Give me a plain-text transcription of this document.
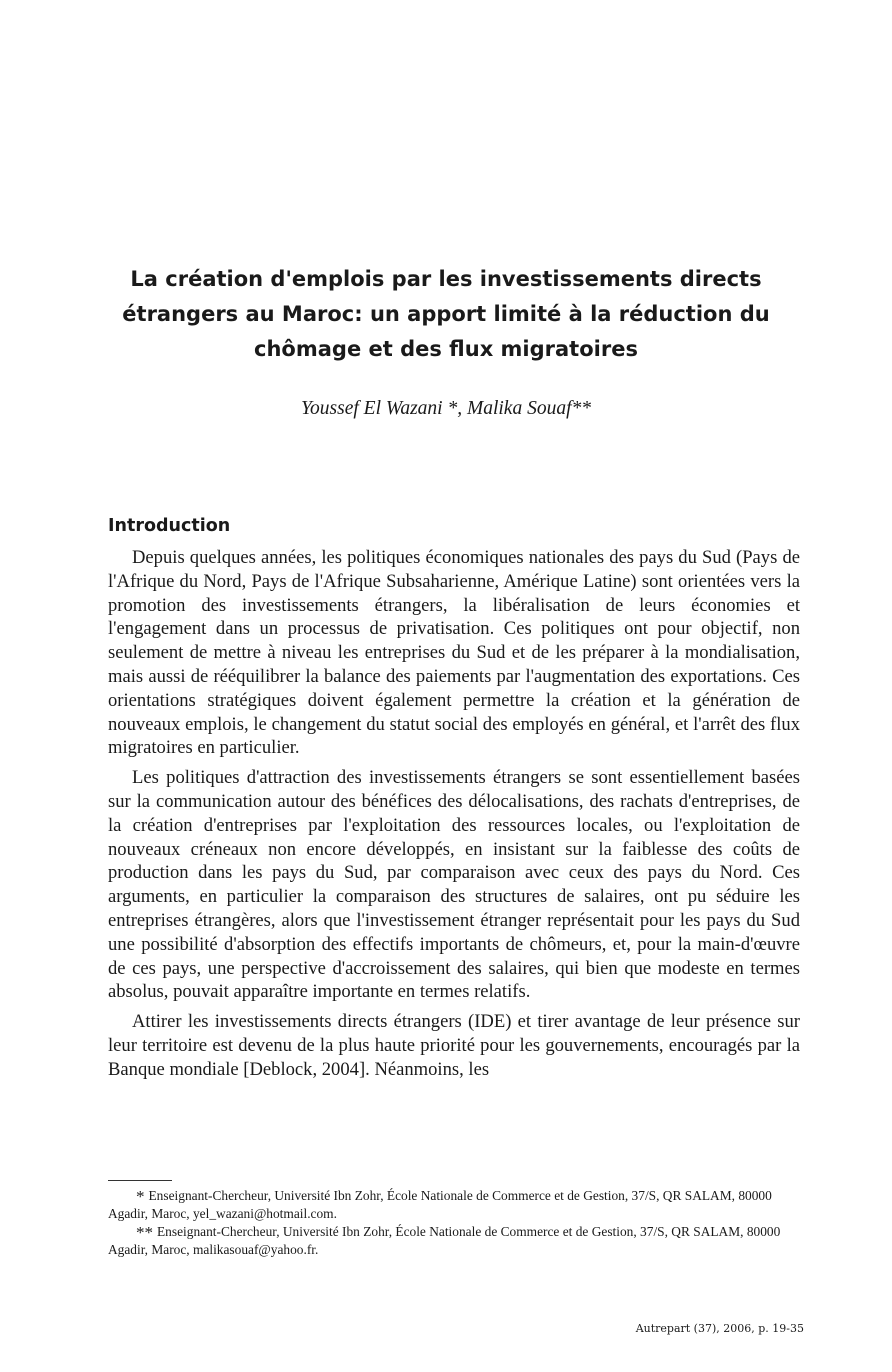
La création d'emplois par les investissements directs étrangers au Maroc: un apport limité à la réduction du chômage et des flux migratoires
Youssef El Wazani *, Malika Souaf**
Introduction

Depuis quelques années, les politiques économiques nationales des pays du Sud (Pays de l'Afrique du Nord, Pays de l'Afrique Subsaharienne, Amérique Latine) sont orientées vers la promotion des investissements étrangers, la libéralisation de leurs économies et l'engagement dans un processus de privatisation. Ces politiques ont pour objectif, non seulement de mettre à niveau les entreprises du Sud et de les préparer à la mondialisation, mais aussi de rééquilibrer la balance des paiements par l'augmentation des exportations. Ces orientations stratégiques doivent également permettre la création et la génération de nouveaux emplois, le changement du statut social des employés en général, et l'arrêt des flux migratoires en particulier.

Les politiques d'attraction des investissements étrangers se sont essentiellement basées sur la communication autour des bénéfices des délocalisations, des rachats d'entreprises, de la création d'entreprises par l'exploitation des ressources locales, ou l'exploitation de nouveaux créneaux non encore développés, en insistant sur la faiblesse des coûts de production dans les pays du Sud, par comparaison avec ceux des pays du Nord. Ces arguments, en particulier la comparaison des structures de salaires, ont pu séduire les entreprises étrangères, alors que l'investissement étranger représentait pour les pays du Sud une possibilité d'absorption des effectifs importants de chômeurs, et, pour la main-d'œuvre de ces pays, une perspective d'accroissement des salaires, qui bien que modeste en termes absolus, pouvait apparaître importante en termes relatifs.

Attirer les investissements directs étrangers (IDE) et tirer avantage de leur présence sur leur territoire est devenu de la plus haute priorité pour les gouvernements, encouragés par la Banque mondiale [Deblock, 2004]. Néanmoins, les

* Enseignant-Chercheur, Université Ibn Zohr, École Nationale de Commerce et de Gestion, 37/S, QR SALAM, 80000 Agadir, Maroc, yel_wazani@hotmail.com.

** Enseignant-Chercheur, Université Ibn Zohr, École Nationale de Commerce et de Gestion, 37/S, QR SALAM, 80000 Agadir, Maroc, malikasouaf@yahoo.fr.

Autrepart (37), 2006, p. 19-35
